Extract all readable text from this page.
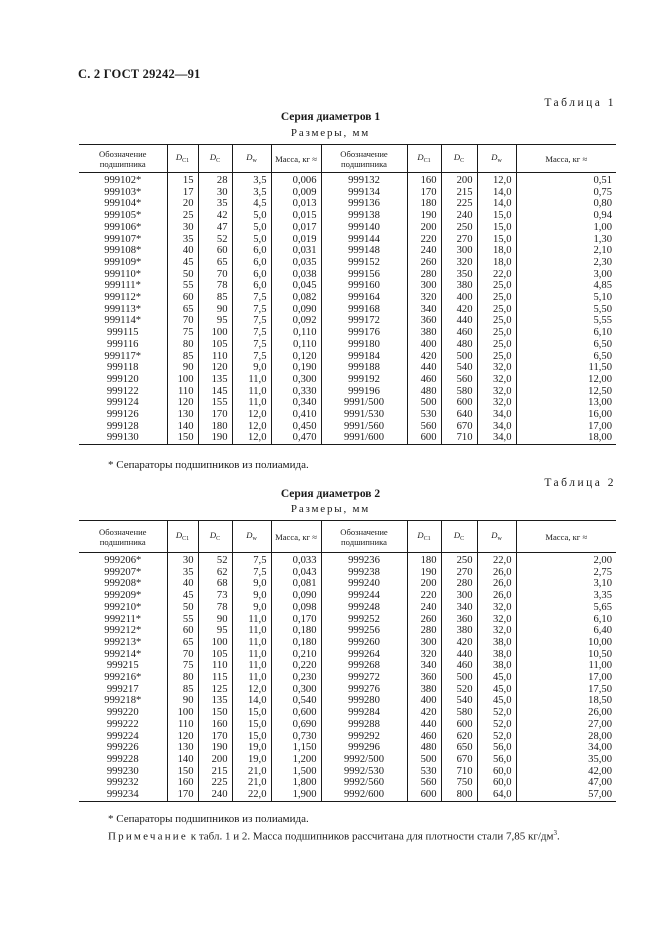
С. 2 ГОСТ 29242—91
Таблица 1
Серия диаметров 1
Размеры, мм
Обозначение подшипника	$D_{C1}$	$D_C$	$D_w$	Масса, кг ≈	Обозначение подшипника	$D_{C1}$	$D_C$	$D_w$	Масса, кг ≈
999102*	15	28	3,5	0,006	999132	160	200	12,0	0,51
999103*	17	30	3,5	0,009	999134	170	215	14,0	0,75
999104*	20	35	4,5	0,013	999136	180	225	14,0	0,80
999105*	25	42	5,0	0,015	999138	190	240	15,0	0,94
999106*	30	47	5,0	0,017	999140	200	250	15,0	1,00
999107*	35	52	5,0	0,019	999144	220	270	15,0	1,30
999108*	40	60	6,0	0,031	999148	240	300	18,0	2,10
999109*	45	65	6,0	0,035	999152	260	320	18,0	2,30
999110*	50	70	6,0	0,038	999156	280	350	22,0	3,00
999111*	55	78	6,0	0,045	999160	300	380	25,0	4,85
999112*	60	85	7,5	0,082	999164	320	400	25,0	5,10
999113*	65	90	7,5	0,090	999168	340	420	25,0	5,50
999114*	70	95	7,5	0,092	999172	360	440	25,0	5,55
999115	75	100	7,5	0,110	999176	380	460	25,0	6,10
999116	80	105	7,5	0,110	999180	400	480	25,0	6,50
999117*	85	110	7,5	0,120	999184	420	500	25,0	6,50
999118	90	120	9,0	0,190	999188	440	540	32,0	11,50
999120	100	135	11,0	0,300	999192	460	560	32,0	12,00
999122	110	145	11,0	0,330	999196	480	580	32,0	12,50
999124	120	155	11,0	0,340	9991/500	500	600	32,0	13,00
999126	130	170	12,0	0,410	9991/530	530	640	34,0	16,00
999128	140	180	12,0	0,450	9991/560	560	670	34,0	17,00
999130	150	190	12,0	0,470	9991/600	600	710	34,0	18,00
* Сепараторы подшипников из полиамида.
Таблица 2
Серия диаметров 2
Размеры, мм
Обозначение подшипника	$D_{C1}$	$D_C$	$D_w$	Масса, кг ≈	Обозначение подшипника	$D_{C1}$	$D_C$	$D_w$	Масса, кг ≈
999206*	30	52	7,5	0,033	999236	180	250	22,0	2,00
999207*	35	62	7,5	0,043	999238	190	270	26,0	2,75
999208*	40	68	9,0	0,081	999240	200	280	26,0	3,10
999209*	45	73	9,0	0,090	999244	220	300	26,0	3,35
999210*	50	78	9,0	0,098	999248	240	340	32,0	5,65
999211*	55	90	11,0	0,170	999252	260	360	32,0	6,10
999212*	60	95	11,0	0,180	999256	280	380	32,0	6,40
999213*	65	100	11,0	0,180	999260	300	420	38,0	10,00
999214*	70	105	11,0	0,210	999264	320	440	38,0	10,50
999215	75	110	11,0	0,220	999268	340	460	38,0	11,00
999216*	80	115	11,0	0,230	999272	360	500	45,0	17,00
999217	85	125	12,0	0,300	999276	380	520	45,0	17,50
999218*	90	135	14,0	0,540	999280	400	540	45,0	18,50
999220	100	150	15,0	0,600	999284	420	580	52,0	26,00
999222	110	160	15,0	0,690	999288	440	600	52,0	27,00
999224	120	170	15,0	0,730	999292	460	620	52,0	28,00
999226	130	190	19,0	1,150	999296	480	650	56,0	34,00
999228	140	200	19,0	1,200	9992/500	500	670	56,0	35,00
999230	150	215	21,0	1,500	9992/530	530	710	60,0	42,00
999232	160	225	21,0	1,800	9992/560	560	750	60,0	47,00
999234	170	240	22,0	1,900	9992/600	600	800	64,0	57,00
* Сепараторы подшипников из полиамида.
Примечание к табл. 1 и 2. Масса подшипников рассчитана для плотности стали 7,85 $кг/дм^3$.
